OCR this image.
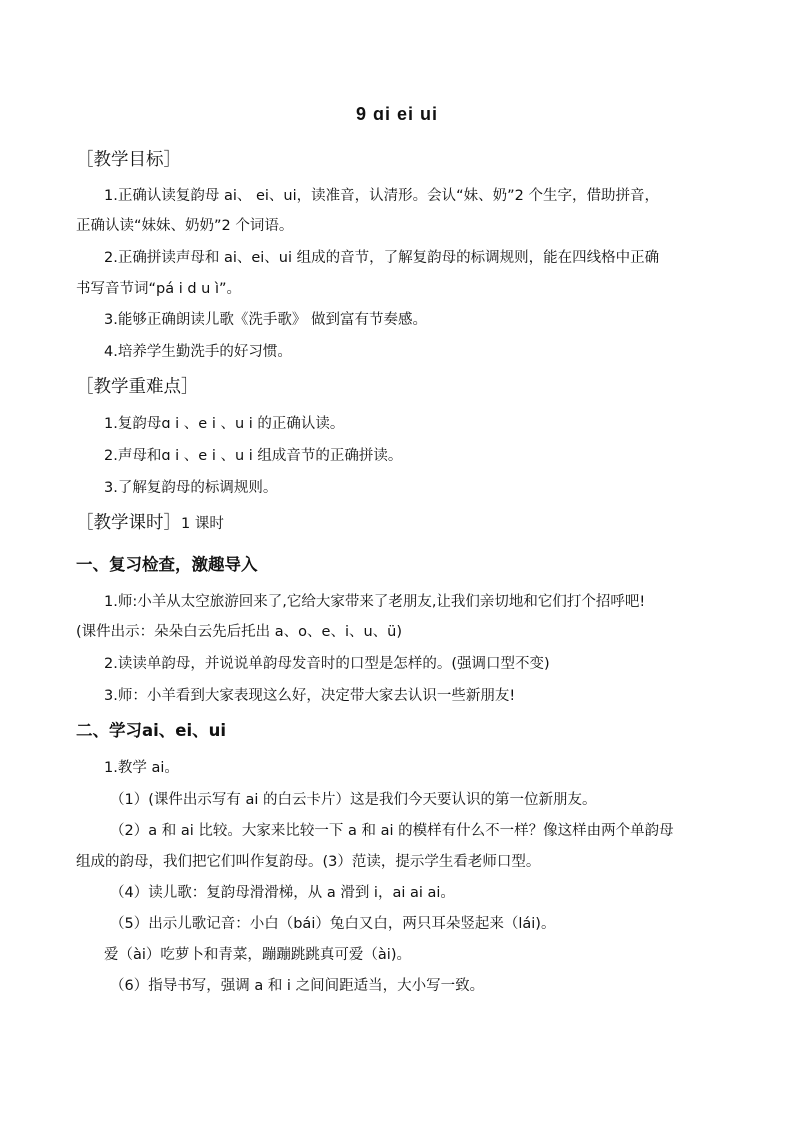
9 ɑi ei ui
［教学目标］
1.正确认读复韵母 ai、 ei、ui，读准音，认清形。会认“妹、奶”2 个生字，借助拼音，
正确认读“妹妹、奶奶”2 个词语。
2.正确拼读声母和 ai、ei、ui 组成的音节，了解复韵母的标调规则，能在四线格中正确
书写音节词“pá i d u ì”。
3.能够正确朗读儿歌《洗手歌》 做到富有节奏感。
4.培养学生勤洗手的好习惯。
［教学重难点］
1.复韵母ɑ i 、e i 、u i 的正确认读。
2.声母和ɑ i 、e i 、u i 组成音节的正确拼读。
3.了解复韵母的标调规则。
［教学课时］1 课时
一、复习检查，激趣导入
1.师:小羊从太空旅游回来了,它给大家带来了老朋友,让我们亲切地和它们打个招呼吧!
(课件出示：朵朵白云先后托出 a、o、e、i、u、ü)
2.读读单韵母，并说说单韵母发音时的口型是怎样的。(强调口型不变)
3.师：小羊看到大家表现这么好，决定带大家去认识一些新朋友!
二、学习ai、ei、ui
1.教学 ai。
（1）(课件出示写有 ai 的白云卡片）这是我们今天要认识的第一位新朋友。
（2）a 和 ai 比较。大家来比较一下 a 和 ai 的模样有什么不一样？像这样由两个单韵母
组成的韵母，我们把它们叫作复韵母。(3）范读，提示学生看老师口型。
（4）读儿歌：复韵母滑滑梯，从 a 滑到 i，ai ai ai。
（5）出示儿歌记音：小白（bái）兔白又白，两只耳朵竖起来（lái)。
爱（ài）吃萝卜和青菜，蹦蹦跳跳真可爱（ài)。
（6）指导书写，强调 a 和 i 之间间距适当，大小写一致。
